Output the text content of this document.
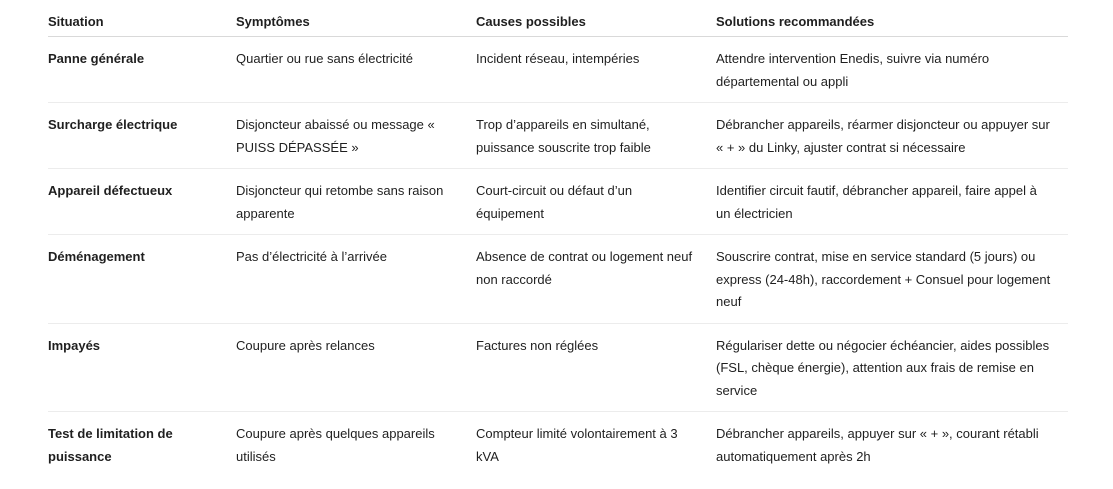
Situation	Symptômes	Causes possibles	Solutions recommandées
Panne générale	Quartier ou rue sans électricité	Incident réseau, intempéries	Attendre intervention Enedis, suivre via numéro départemental ou appli
Surcharge électrique	Disjoncteur abaissé ou message « PUISS DÉPASSÉE »	Trop d’appareils en simultané, puissance souscrite trop faible	Débrancher appareils, réarmer disjoncteur ou appuyer sur « + » du Linky, ajuster contrat si nécessaire
Appareil défectueux	Disjoncteur qui retombe sans raison apparente	Court-circuit ou défaut d’un équipement	Identifier circuit fautif, débrancher appareil, faire appel à un électricien
Déménagement	Pas d’électricité à l’arrivée	Absence de contrat ou logement neuf non raccordé	Souscrire contrat, mise en service standard (5 jours) ou express (24-48h), raccordement + Consuel pour logement neuf
Impayés	Coupure après relances	Factures non réglées	Régulariser dette ou négocier échéancier, aides possibles (FSL, chèque énergie), attention aux frais de remise en service
Test de limitation de puissance	Coupure après quelques appareils utilisés	Compteur limité volontairement à 3 kVA	Débrancher appareils, appuyer sur « + », courant rétabli automatiquement après 2h
